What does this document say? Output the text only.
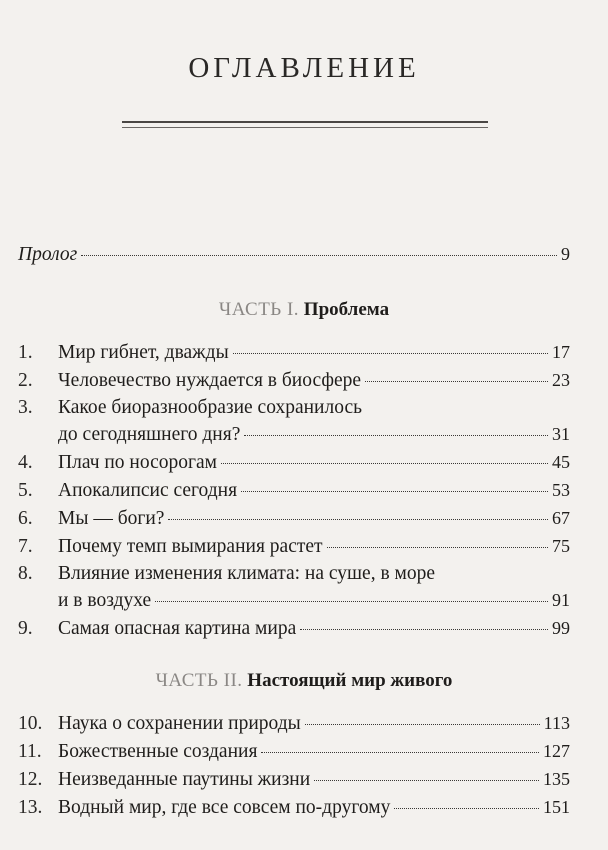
ОГЛАВЛЕНИЕ
Пролог	9
ЧАСТЬ I. Проблема
1.	Мир гибнет, дважды	17
2.	Человечество нуждается в биосфере	23
3.	Какое биоразнообразие сохранилось
до сегодняшнего дня?	31
4.	Плач по носорогам	45
5.	Апокалипсис сегодня	53
6.	Мы — боги?	67
7.	Почему темп вымирания растет	75
8.	Влияние изменения климата: на суше, в море
и в воздухе	91
9.	Самая опасная картина мира	99
ЧАСТЬ II. Настоящий мир живого
10. Наука о сохранении природы	113
11. Божественные создания	127
12. Неизведанные паутины жизни	135
13. Водный мир, где все совсем по-другому	151
